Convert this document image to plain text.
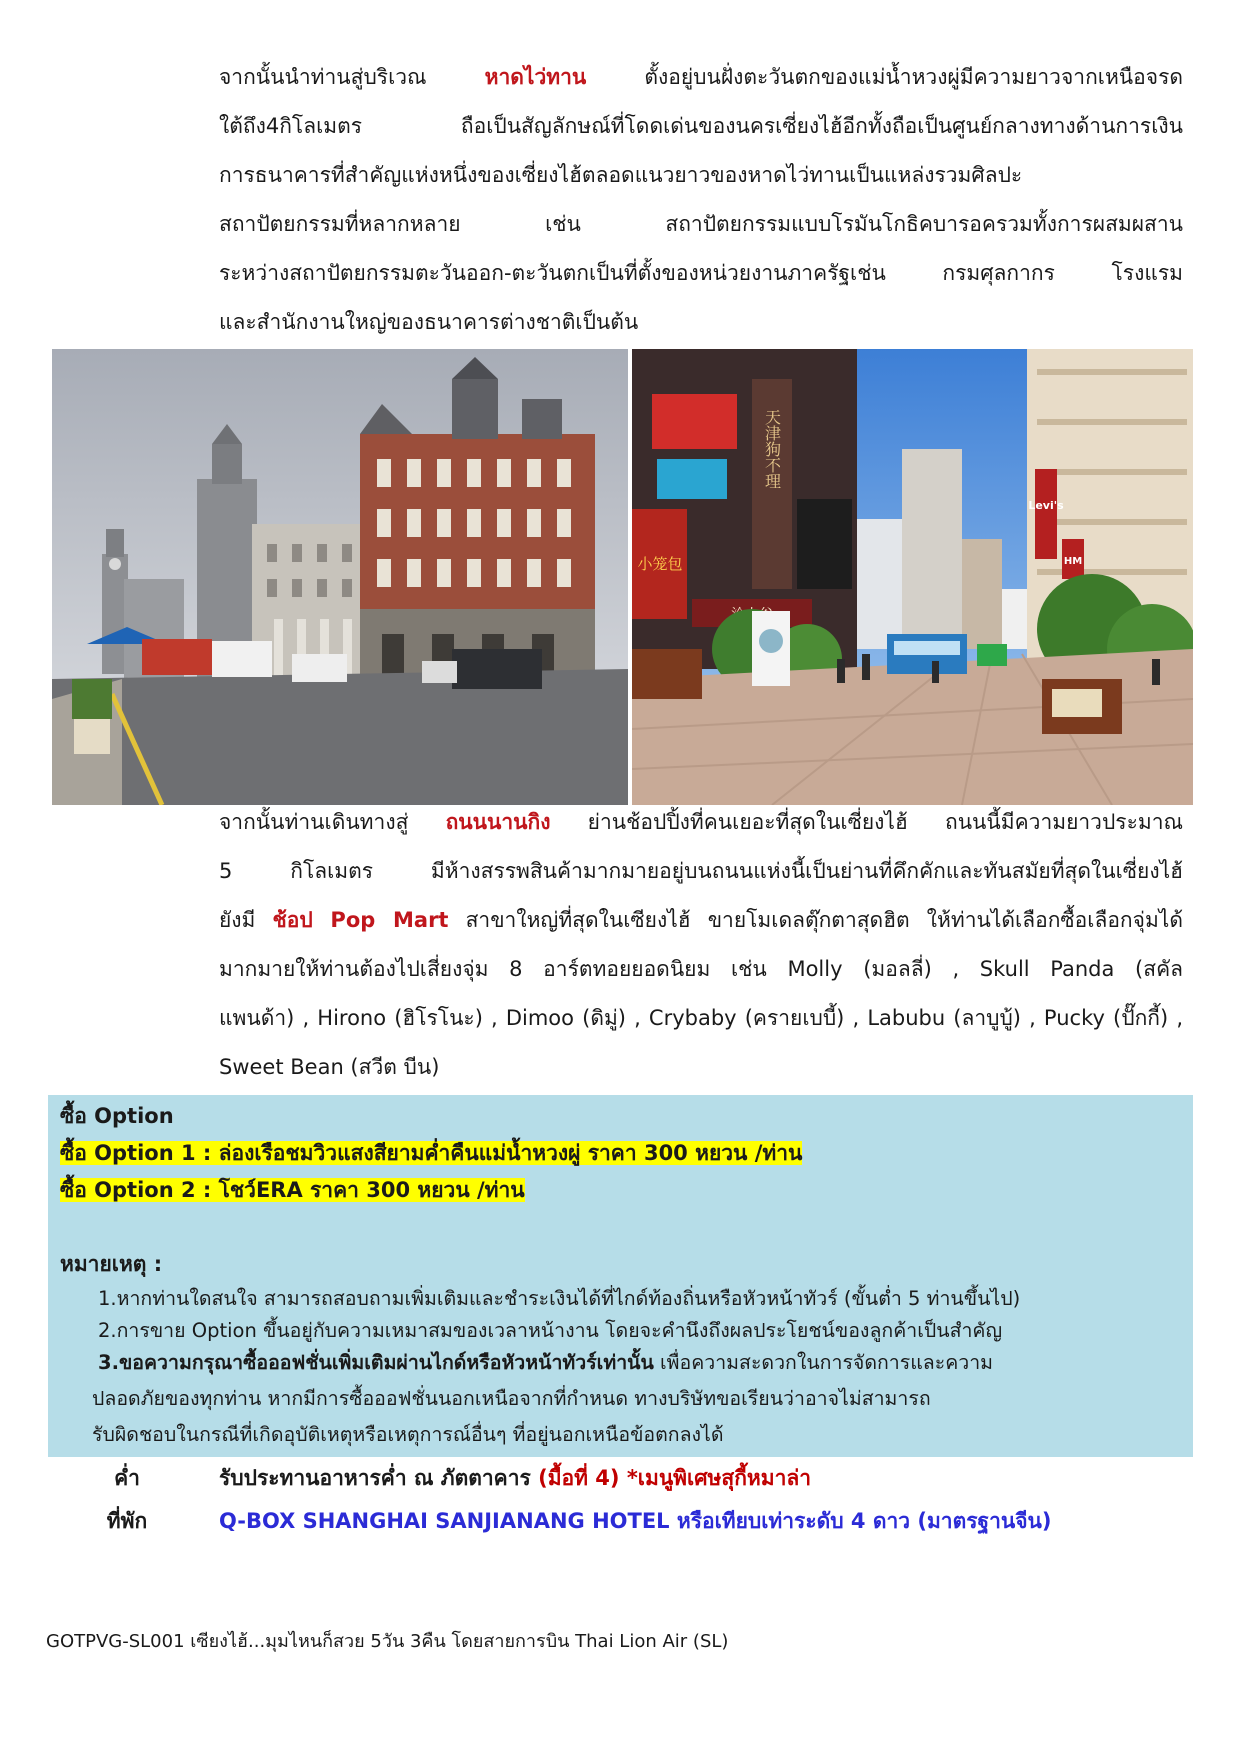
จากนั้นนำท่านสู่บริเวณ หาดไว่ทาน ตั้งอยู่บนฝั่งตะวันตกของแม่น้ำหวงผู่มีความยาวจากเหนือจรด
ใต้ถึง4กิโลเมตร ถือเป็นสัญลักษณ์ที่โดดเด่นของนครเซี่ยงไฮ้อีกทั้งถือเป็นศูนย์กลางทางด้านการเงิน
การธนาคารที่สำคัญแห่งหนึ่งของเซี่ยงไฮ้ตลอดแนวยาวของหาดไว่ทานเป็นแหล่งรวมศิลปะ
สถาปัตยกรรมที่หลากหลาย เช่น สถาปัตยกรรมแบบโรมันโกธิคบารอครวมทั้งการผสมผสาน
ระหว่างสถาปัตยกรรมตะวันออก-ตะวันตกเป็นที่ตั้งของหน่วยงานภาครัฐเช่น กรมศุลกากร โรงแรม
และสำนักงานใหญ่ของธนาคารต่างชาติเป็นต้น
天津狗不理
小笼包
Levi's
HM
จากนั้นท่านเดินทางสู่ ถนนนานกิง ย่านช้อปปิ้งที่คนเยอะที่สุดในเซี่ยงไฮ้ ถนนนี้มีความยาวประมาณ
5 กิโลเมตร มีห้างสรรพสินค้ามากมายอยู่บนถนนแห่งนี้เป็นย่านที่คึกคักและทันสมัยที่สุดในเซี่ยงไฮ้
ยังมี ช้อป Pop Mart สาขาใหญ่ที่สุดในเซียงไฮ้ ขายโมเดลตุ๊กตาสุดฮิต ให้ท่านได้เลือกซื้อเลือกจุ่มได้
มากมายให้ท่านต้องไปเสี่ยงจุ่ม 8 อาร์ตทอยยอดนิยม เช่น Molly (มอลลี่) , Skull Panda (สคัล
แพนด้า) , Hirono (ฮิโรโนะ) , Dimoo (ดิมู่) , Crybaby (ครายเบบี้) , Labubu (ลาบูบู้) , Pucky (ปั๊กกี้) ,
Sweet Bean (สวีต บีน)
ซื้อ Option
ซื้อ Option 1 : ล่องเรือชมวิวแสงสียามค่ำคืนแม่น้ำหวงผู่ ราคา 300 หยวน /ท่าน
ซื้อ Option 2 : โชว์ERA ราคา 300 หยวน /ท่าน
หมายเหตุ :
1.หากท่านใดสนใจ สามารถสอบถามเพิ่มเติมและชำระเงินได้ที่ไกด์ท้องถิ่นหรือหัวหน้าทัวร์ (ขั้นต่ำ 5 ท่านขึ้นไป)
2.การขาย Option ขึ้นอยู่กับความเหมาสมของเวลาหน้างาน โดยจะคำนึงถึงผลประโยชน์ของลูกค้าเป็นสำคัญ
3.ขอความกรุณาซื้อออฟชั่นเพิ่มเติมผ่านไกด์หรือหัวหน้าทัวร์เท่านั้น เพื่อความสะดวกในการจัดการและความ
ปลอดภัยของทุกท่าน หากมีการซื้อออฟชั่นนอกเหนือจากที่กำหนด ทางบริษัทขอเรียนว่าอาจไม่สามารถ
รับผิดชอบในกรณีที่เกิดอุบัติเหตุหรือเหตุการณ์อื่นๆ ที่อยู่นอกเหนือข้อตกลงได้
ค่ำ	รับประทานอาหารค่ำ ณ ภัตตาคาร (มื้อที่ 4) *เมนูพิเศษสุกี้หมาล่า
ที่พัก	Q-BOX SHANGHAI SANJIANANG HOTEL หรือเทียบเท่าระดับ 4 ดาว (มาตรฐานจีน)
GOTPVG-SL001 เซียงไฮ้...มุมไหนก็สวย 5วัน 3คืน โดยสายการบิน Thai Lion Air (SL)
